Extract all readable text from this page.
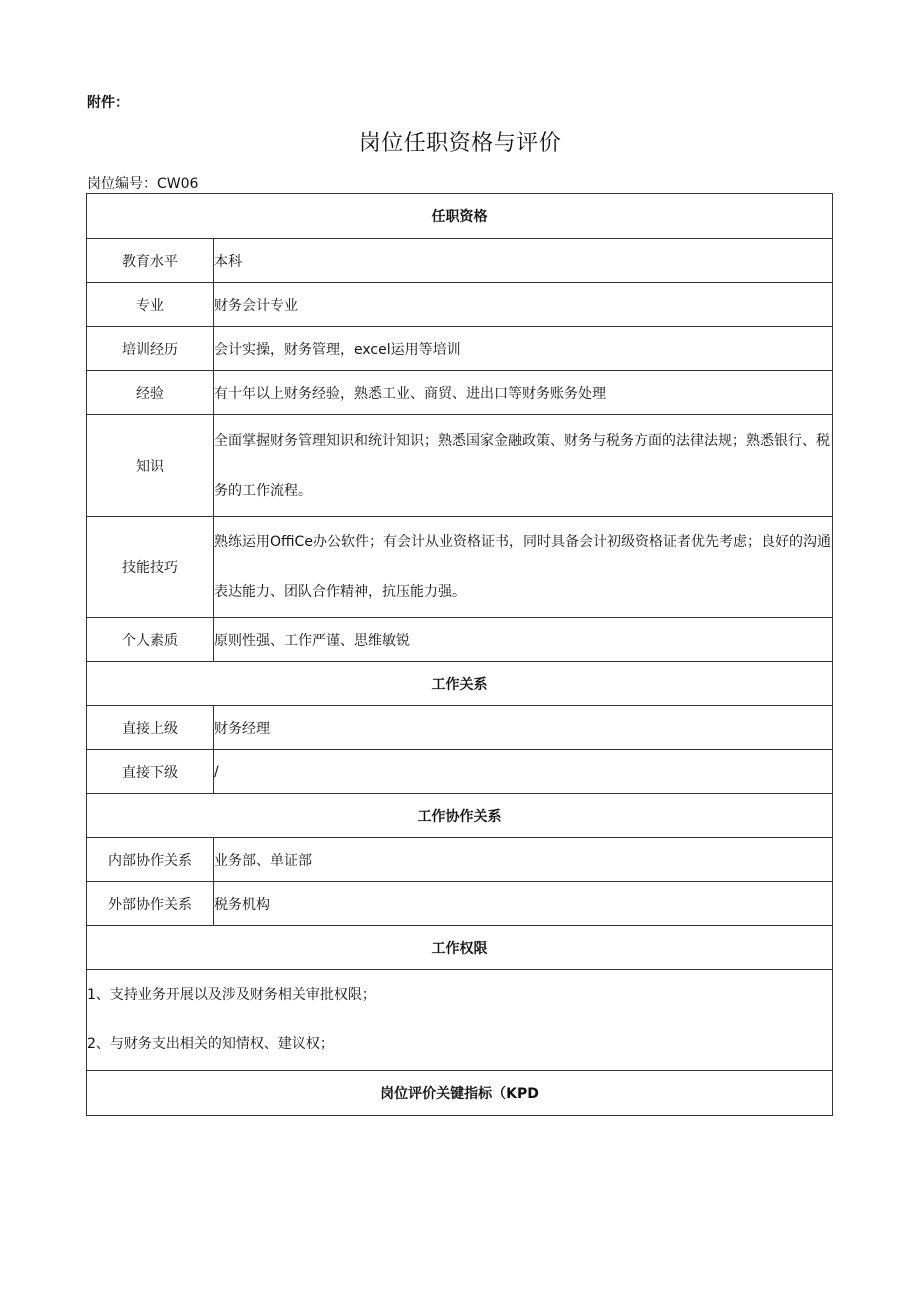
附件：
岗位任职资格与评价
岗位编号：CW06
任职资格	
教育水平	本科
专业	财务会计专业
培训经历	会计实操，财务管理，excel运用等培训
经验	有十年以上财务经验，熟悉工业、商贸、进出口等财务账务处理
知识	全面掌握财务管理知识和统计知识；熟悉国家金融政策、财务与税务方面的法律法规；熟悉银行、税务的工作流程。
技能技巧	熟练运用OffiCe办公软件；有会计从业资格证书，同时具备会计初级资格证者优先考虑；良好的沟通表达能力、团队合作精神，抗压能力强。
个人素质	原则性强、工作严谨、思维敏锐
工作关系	
直接上级	财务经理
直接下级	/
工作协作关系	
内部协作关系	业务部、单证部
外部协作关系	税务机构
工作权限	

1、支持业务开展以及涉及财务相关审批权限；
2、与财务支出相关的知情权、建议权；	

岗位评价关键指标（KPD	
